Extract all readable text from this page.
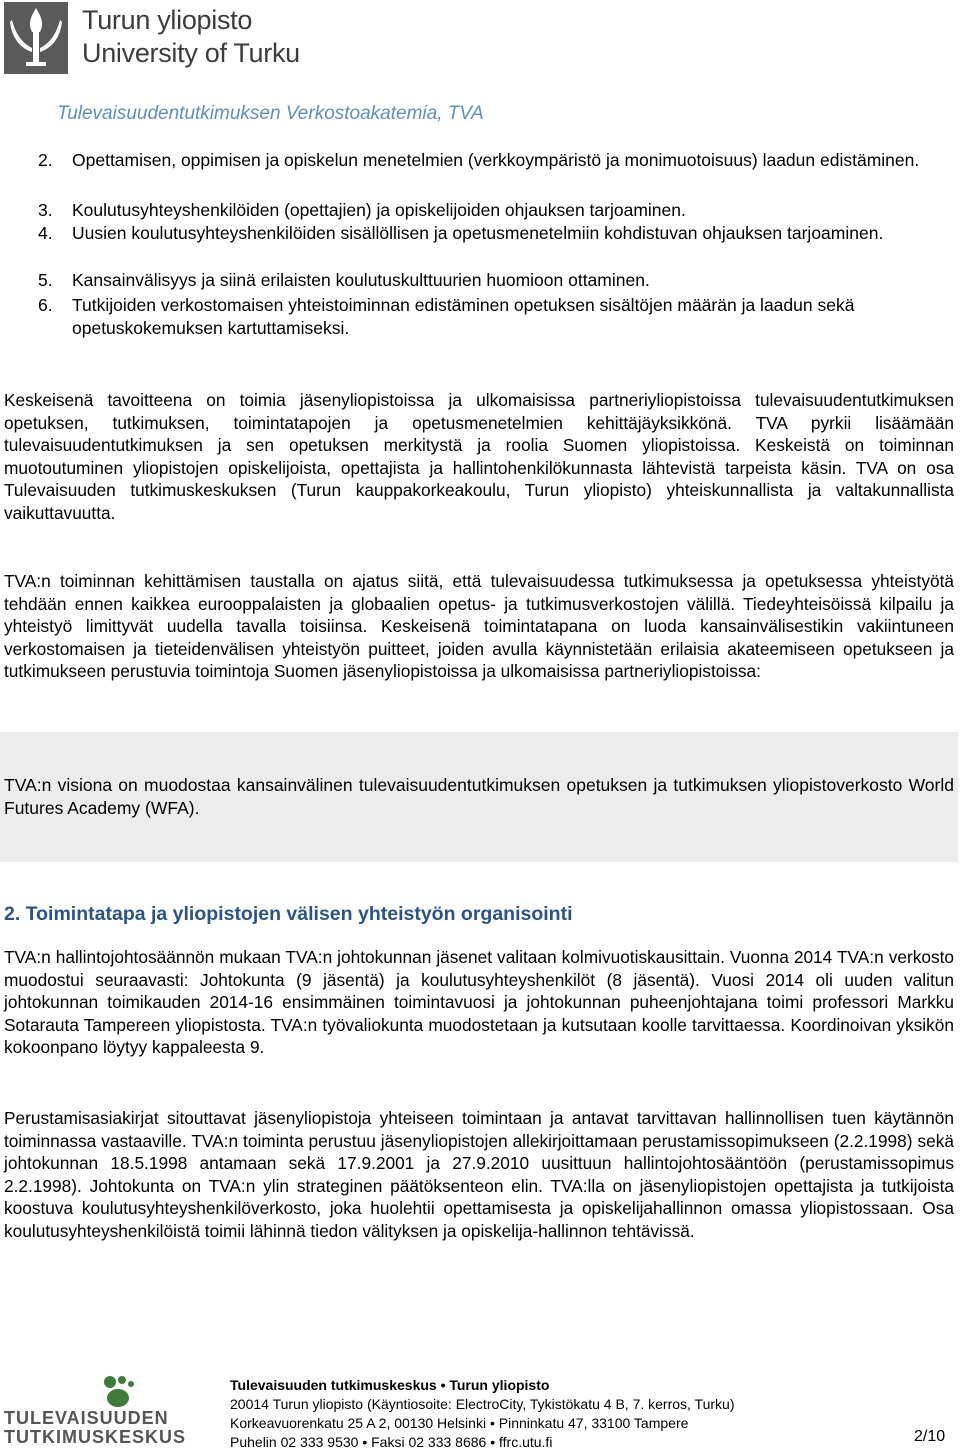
Turun yliopisto
University of Turku
Tulevaisuudentutkimuksen Verkostoakatemia, TVA
2. Opettamisen, oppimisen ja opiskelun menetelmien (verkkoympäristö ja monimuotoisuus) laadun edistäminen.
3. Koulutusyhteyshenkilöiden (opettajien) ja opiskelijoiden ohjauksen tarjoaminen.
4. Uusien koulutusyhteyshenkilöiden sisällöllisen ja opetusmenetelmiin kohdistuvan ohjauksen tarjoaminen.
5. Kansainvälisyys ja siinä erilaisten koulutuskulttuurien huomioon ottaminen.
6. Tutkijoiden verkostomaisen yhteistoiminnan edistäminen opetuksen sisältöjen määrän ja laadun sekä opetuskokemuksen kartuttamiseksi.
Keskeisenä tavoitteena on toimia jäsenyliopistoissa ja ulkomaisissa partneriyliopistoissa tulevaisuudentutkimuksen opetuksen, tutkimuksen, toimintatapojen ja opetusmenetelmien kehittäjäyksikkönä. TVA pyrkii lisäämään tulevaisuudentutkimuksen ja sen opetuksen merkitystä ja roolia Suomen yliopistoissa. Keskeistä on toiminnan muotoutuminen yliopistojen opiskelijoista, opettajista ja hallintohenkilökunnasta lähtevistä tarpeista käsin. TVA on osa Tulevaisuuden tutkimuskeskuksen (Turun kauppakorkeakoulu, Turun yliopisto) yhteiskunnallista ja valtakunnallista vaikuttavuutta.
TVA:n toiminnan kehittämisen taustalla on ajatus siitä, että tulevaisuudessa tutkimuksessa ja opetuksessa yhteistyötä tehdään ennen kaikkea eurooppalaisten ja globaalien opetus- ja tutkimusverkostojen välillä. Tiedeyhteisöissä kilpailu ja yhteistyö limittyvät uudella tavalla toisiinsa. Keskeisenä toimintatapana on luoda kansainvälisestikin vakiintuneen verkostomaisen ja tieteidenvälisen yhteistyön puitteet, joiden avulla käynnistetään erilaisia akateemiseen opetukseen ja tutkimukseen perustuvia toimintoja Suomen jäsenyliopistoissa ja ulkomaisissa partneriyliopistoissa:
TVA:n visiona on muodostaa kansainvälinen tulevaisuudentutkimuksen opetuksen ja tutkimuksen yliopistoverkosto World Futures Academy (WFA).
2. Toimintatapa ja yliopistojen välisen yhteistyön organisointi
TVA:n hallintojohtosäännön mukaan TVA:n johtokunnan jäsenet valitaan kolmivuotiskausittain. Vuonna 2014 TVA:n verkosto muodostui seuraavasti: Johtokunta (9 jäsentä) ja koulutusyhteyshenkilöt (8 jäsentä). Vuosi 2014 oli uuden valitun johtokunnan toimikauden 2014-16 ensimmäinen toimintavuosi ja johtokunnan puheenjohtajana toimi professori Markku Sotarauta Tampereen yliopistosta. TVA:n työvaliokunta muodostetaan ja kutsutaan koolle tarvittaessa. Koordinoivan yksikön kokoonpano löytyy kappaleesta 9.
Perustamisasiakirjat sitouttavat jäsenyliopistoja yhteiseen toimintaan ja antavat tarvittavan hallinnollisen tuen käytännön toiminnassa vastaaville. TVA:n toiminta perustuu jäsenyliopistojen allekirjoittamaan perustamissopimukseen (2.2.1998) sekä johtokunnan 18.5.1998 antamaan sekä 17.9.2001 ja 27.9.2010 uusittuun hallintojohtosääntöön (perustamissopimus 2.2.1998). Johtokunta on TVA:n ylin strateginen päätöksenteon elin. TVA:lla on jäsenyliopistojen opettajista ja tutkijoista koostuva koulutusyhteyshenkilöverkosto, joka huolehtii opettamisesta ja opiskelijahallinnon omassa yliopistossaan. Osa koulutusyhteyshenkilöistä toimii lähinnä tiedon välityksen ja opiskelija-hallinnon tehtävissä.
TULEVAISUUDEN
TUTKIMUSKESKUS
Tulevaisuuden tutkimuskeskus • Turun yliopisto
20014 Turun yliopisto (Käyntiosoite: ElectroCity, Tykistökatu 4 B, 7. kerros, Turku)
Korkeavuorenkatu 25 A 2, 00130 Helsinki • Pinninkatu 47, 33100 Tampere
Puhelin 02 333 9530 • Faksi 02 333 8686 • ffrc.utu.fi	2/10
